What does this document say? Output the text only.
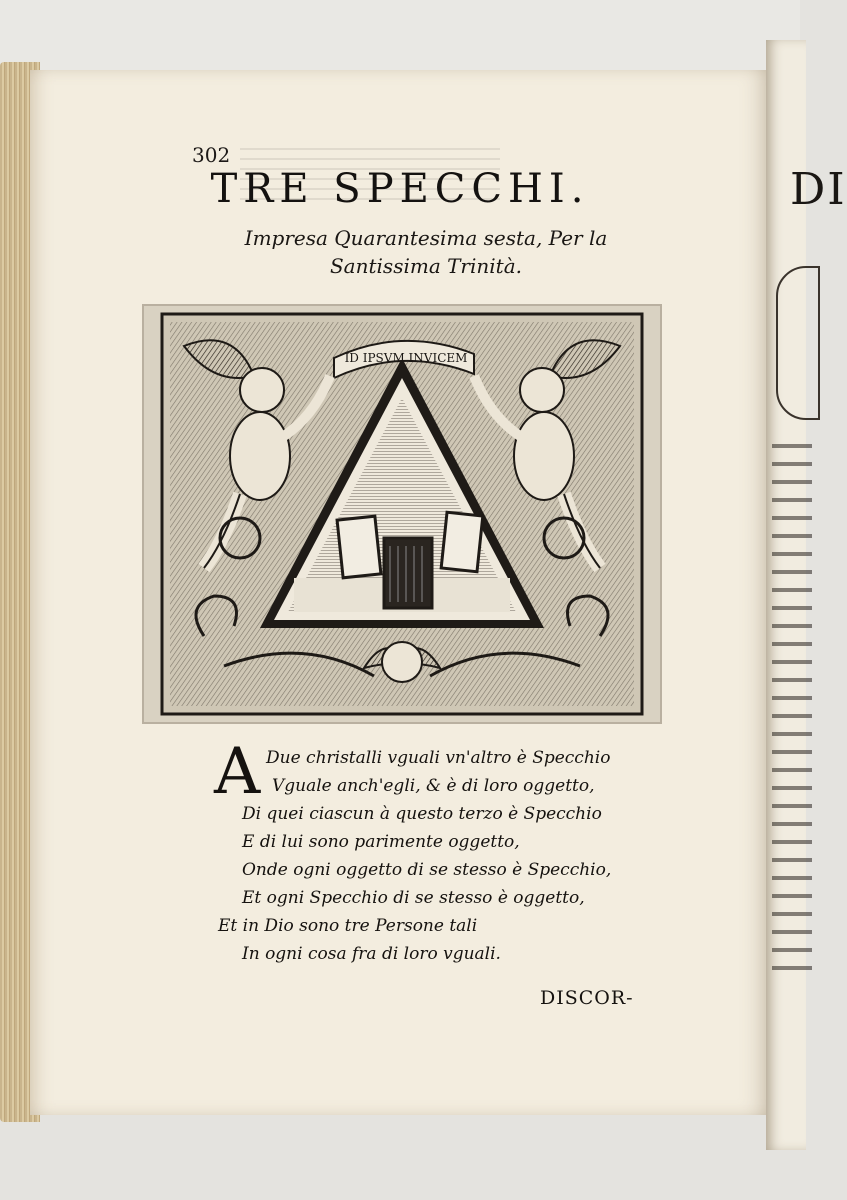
DI
302
TRE SPECCHI.
Impresa Quarantesima sesta, Per la
Santissima Trinità.
ID IPSVM INVICEM
A Due christalli vguali vn'altro è Specchio
Vguale anch'egli, & è di loro oggetto,
Di quei ciascun à questo terzo è Specchio
E di lui sono parimente oggetto,
Onde ogni oggetto di se stesso è Specchio,
Et ogni Specchio di se stesso è oggetto,
Et in Dio sono tre Persone tali
In ogni cosa fra di loro vguali.
DISCOR-
